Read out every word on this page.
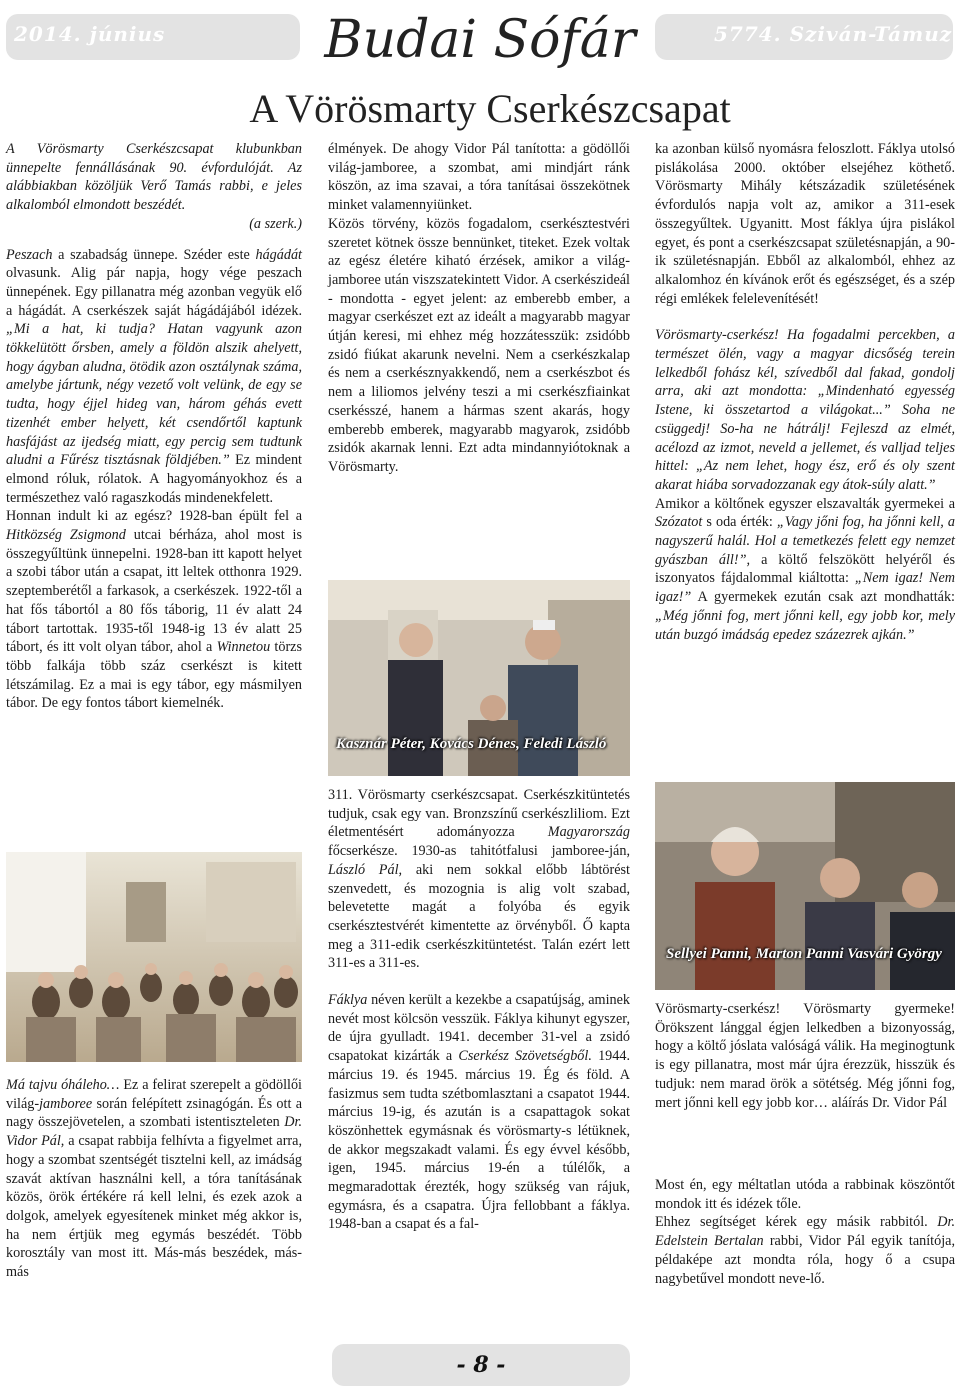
2014. június	Budai Sófár	5774. Sziván-Támuz
A Vörösmarty Cserkészcsapat

A Vörösmarty Cserkészcsapat klubunkban ünnepelte fennállásának 90. évfordulóját. Az alábbiakban közöljük Verő Tamás rabbi, e jeles alkalomból elmondott beszédét.

(a szerk.)

Peszach a szabadság ünnepe. Széder este hágádát olvasunk. Alig pár napja, hogy vége peszach ünnepének. Egy pillanatra még azonban vegyük elő a hágádát. A cserkészek saját hágádájából idézek. „Mi a hat, ki tudja? Hatan vagyunk azon tökkelütött őrsben, amely a földön alszik ahelyett, hogy ágyban aludna, ötödik azon osztálynak száma, amelybe jártunk, négy vezető volt velünk, de egy se tudta, hogy éjjel hideg van, három géhás evett tizenhét ember helyett, két csendőrtől kaptunk hasfájást az ijedség miatt, egy percig sem tudtunk aludni a Fűrész tisztásnak földjében.” Ez mindent elmond róluk, rólatok. A hagyományokhoz és a természethez való ragaszkodás mindenekfelett.

Honnan indult ki az egész? 1928-ban épült fel a Hitközség Zsigmond utcai bérháza, ahol most is összegyűltünk ünnepelni. 1928-ban itt kapott helyet a szobi tábor után a csapat, itt leltek otthonra 1929. szeptemberétől a farkasok, a cserkészek. 1922-től a hat fős tábortól a 80 fős táborig, 11 év alatt 24 tábort tartottak. 1935-től 1948-ig 13 év alatt 25 tábort, és itt volt olyan tábor, ahol a Winnetou törzs több falkája több száz cserkészt is kitett létszámilag. Ez a mai is egy tábor, egy másmilyen tábor. De egy fontos tábort kiemelnék.

Má tajvu óháleho… Ez a felirat szerepelt a gödöllői világ-jamboree során felépített zsinagógán. És ott a nagy összejövetelen, a szombati istentiszteleten Dr. Vidor Pál, a csapat rabbija felhívta a figyelmet arra, hogy a szombat szentségét tisztelni kell, az imádság szavát aktívan használni kell, a tóra tanításának közös, örök értékére rá kell lelni, és ezek azok a dolgok, amelyek egyesítenek minket még akkor is, ha nem értjük meg egymás beszédét. Több korosztály van most itt. Más-más beszédek, más-más

élmények. De ahogy Vidor Pál tanította: a gödöllői világ-jamboree, a szombat, ami mindjárt ránk köszön, az ima szavai, a tóra tanításai összekötnek minket valamennyiünket.

Közös törvény, közös fogadalom, cserkésztestvéri szeretet kötnek össze bennünket, titeket. Ezek voltak az egész életére kiható érzések, amikor a világ-jamboree után viszszatekintett Vidor. A cserkészideál - mondotta - egyet jelent: az emberebb ember, a magyar cserkészet ezt az ideált a magyarabb magyar útján keresi, mi ehhez még hozzátesszük: zsidóbb zsidó fiúkat akarunk nevelni. Nem a cserkészkalap és nem a cserkésznyakkendő, nem a cserkészbot és nem a liliomos jelvény teszi a mi cserkészfiainkat cserkésszé, hanem a hármas szent akarás, hogy emberebb emberek, magyarabb magyarok, zsidóbb zsidók akarnak lenni. Ezt adta mindannyiótoknak a Vörösmarty.

Kasznár Péter, Kovács Dénes, Feledi László

311. Vörösmarty cserkészcsapat. Cserkészkitüntetés tudjuk, csak egy van. Bronzszínű cserkészliliom. Ezt életmentésért adományozza Magyarország főcserkésze. 1930-as tahitótfalusi jamboree-ján, László Pál, aki nem sokkal előbb lábtörést szenvedett, és mozognia is alig volt szabad, belevetette magát a folyóba és egyik cserkésztestvérét kimentette az örvényből. Ő kapta meg a 311-edik cserkészkitüntetést. Talán ezért lett 311-es a 311-es.

Fáklya néven került a kezekbe a csapatújság, aminek nevét most kölcsön vesszük. Fáklya kihunyt egyszer, de újra gyulladt. 1941. december 31-vel a zsidó csapatokat kizárták a Cserkész Szövetségből. 1944. március 19. és 1945. március 19. Ég és föld. A fasizmus sem tudta szétbomlasztani a csapatot 1944. március 19-ig, és azután is a csapattagok sokat köszönhettek egymásnak és vörösmarty-s létüknek, de akkor megszakadt valami. És egy évvel később, igen, 1945. március 19-én a túlélők, a megmaradottak érezték, hogy szükség van rájuk, egymásra, és a csapatra. Újra fellobbant a fáklya. 1948-ban a csapat és a fal-

ka azonban külső nyomásra feloszlott. Fáklya utolsó pislákolása 2000. október elsejéhez köthető. Vörösmarty Mihály kétszázadik születésének évfordulós napja volt az, amikor a 311-esek összegyűltek. Ugyanitt. Most fáklya újra pislákol egyet, és pont a cserkészcsapat születésnapján, a 90-ik születésnapján. Ebből az alkalomból, ehhez az alkalomhoz én kívánok erőt és egészséget, és a szép régi emlékek felelevenítését!

Vörösmarty-cserkész! Ha fogadalmi percekben, a természet ölén, vagy a magyar dicsőség terein lelkedből fohász kél, szívedből dal fakad, gondolj arra, aki azt mondotta: „Mindenható egyesség Istene, ki összetartod a világokat...” Soha ne csüggedj! So-ha ne hátrálj! Fejleszd az elmét, acélozd az izmot, neveld a jellemet, és valljad teljes hittel: „Az nem lehet, hogy ész, erő és oly szent akarat hiába sorvadozzanak egy átok-súly alatt.”

Amikor a költőnek egyszer elszavalták gyermekei a Szózatot s oda érték: „Vagy jőni fog, ha jőnni kell, a nagyszerű halál. Hol a temetkezés felett egy nemzet gyászban áll!”, a költő felszökött helyéről és iszonyatos fájdalommal kiáltotta: „Nem igaz! Nem igaz!” A gyermekek ezután csak azt mondhatták: „Még jőnni fog, mert jőnni kell, egy jobb kor, mely után buzgó imádság epedez százezrek ajkán.”

Sellyei Panni, Marton Panni Vasvári György

Vörösmarty-cserkész! Vörösmarty gyermeke! Örökszent lánggal égjen lelkedben a bizonyosság, hogy a költő jóslata valóságá válik. Ha meginogtunk is egy pillanatra, most már újra érezzük, hisszük és tudjuk: nem marad örök a sötétség. Még jőnni fog, mert jőnni kell egy jobb kor… aláírás Dr. Vidor Pál

Most én, egy méltatlan utóda a rabbinak köszöntőt mondok itt és idézek tőle.

Ehhez segítséget kérek egy másik rabbitól. Dr. Edelstein Bertalan rabbi, Vidor Pál egyik tanítója, példaképe azt mondta róla, hogy ő a csupa nagybetűvel mondott neve-lő.

- 8 -
